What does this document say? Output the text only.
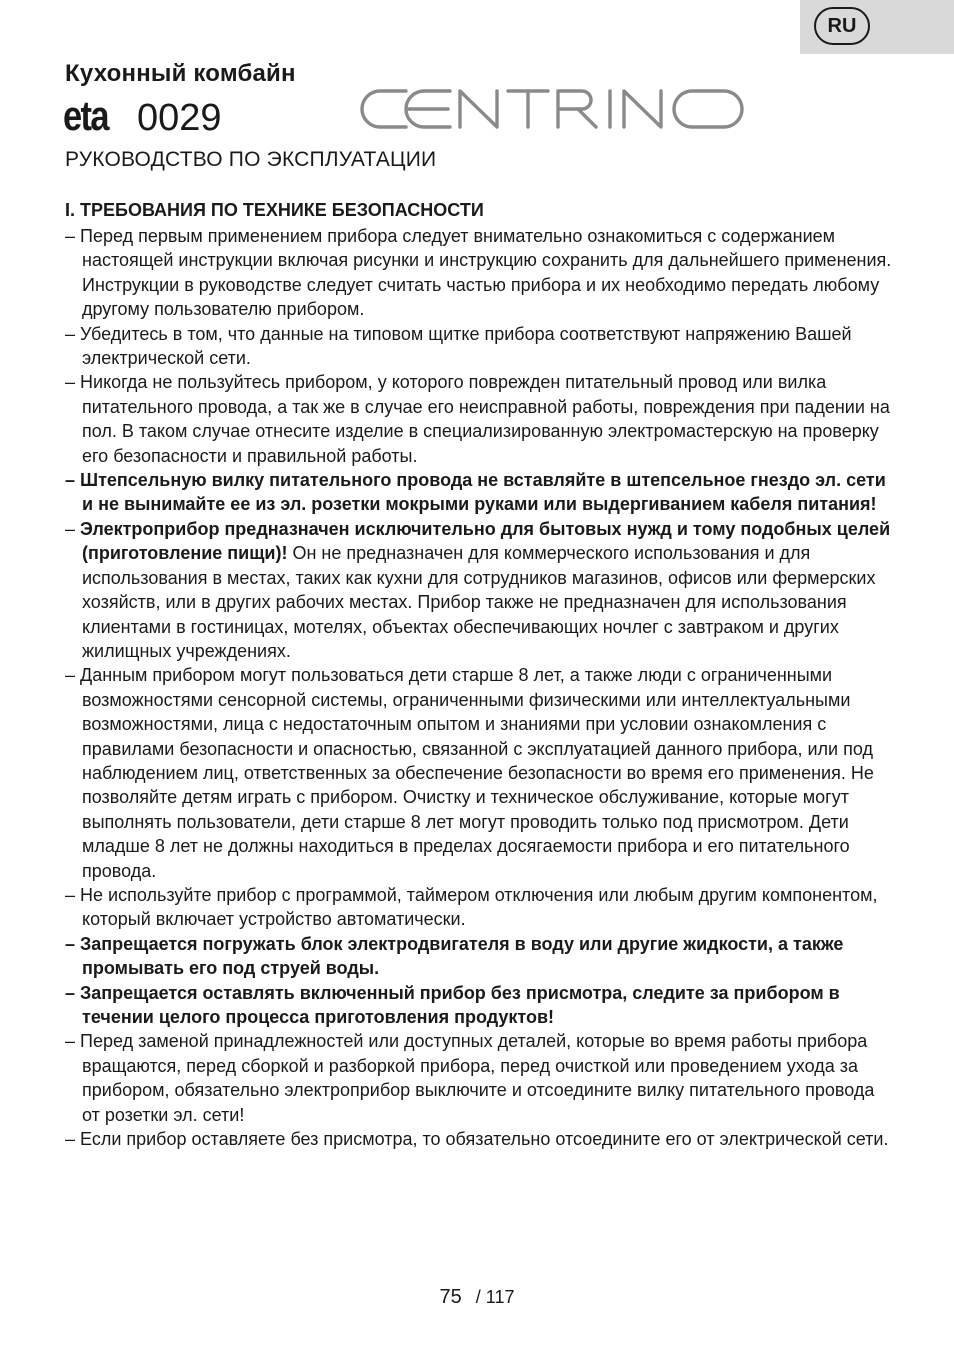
RU
Кухонный комбайн
eta 0029
РУКОВОДСТВО ПО ЭКСПЛУАТАЦИИ
I. ТРЕБОВАНИЯ ПО ТЕХНИКЕ БЕЗОПАСНОСТИ
– Перед первым применением прибора следует внимательно ознакомиться с содержанием настоящей инструкции включая рисунки и инструкцию сохранить для дальнейшего применения. Инструкции в руководстве следует считать частью прибора и их необходимо передать любому другому пользователю прибором.
– Убедитесь в том, что данные на типовом щитке прибора соответствуют напряжению Вашей электрической сети.
– Никогда не пользуйтесь прибором, у которого поврежден питательный провод или вилка питательного провода, а так же в случае его неисправной работы, повреждения при падении на пол. В таком случае отнесите изделие в специализированную электромастерскую на проверку его безопасности и правильной работы.
– Штепсельную вилку питательного провода не вставляйте в штепсельное гнездо эл. сети и не вынимайте ее из эл. розетки мокрыми руками или выдергиванием кабеля питания!
– Электроприбор предназначен исключительно для бытовых нужд и тому подобных целей (приготовление пищи)! Он не предназначен для коммерческого использования и для использования в местах, таких как кухни для сотрудников магазинов, офисов или фермерских хозяйств, или в других рабочих местах. Прибор также не предназначен для использования клиентами в гостиницах, мотелях, объектах обеспечивающих ночлег с завтраком и других жилищных учреждениях.
– Данным прибором могут пользоваться дети старше 8 лет, а также люди с ограниченными возможностями сенсорной системы, ограниченными физическими или интеллектуальными возможностями, лица с недостаточным опытом и знаниями при условии ознакомления с правилами безопасности и опасностью, связанной с эксплуатацией данного прибора, или под наблюдением лиц, ответственных за обеспечение безопасности во время его применения. Не позволяйте детям играть с прибором. Очистку и техническое обслуживание, которые могут выполнять пользователи, дети старше 8 лет могут проводить только под присмотром. Дети младше 8 лет не должны находиться в пределах досягаемости прибора и его питательного провода.
– Не используйте прибор с программой, таймером отключения или любым другим компонентом, который включает устройство автоматически.
– Запрещается погружать блок электродвигателя в воду или другие жидкости, а также промывать его под струей воды.
– Запрещается оставлять включенный прибор без присмотра, следите за прибором в течении целого процесса приготовления продуктов!
– Перед заменой принадлежностей или доступных деталей, которые во время работы прибора вращаются, перед сборкой и разборкой прибора, перед очисткой или проведением ухода за прибором, обязательно электроприбор выключите и отсоедините вилку питательного провода от розетки эл. сети!
– Если прибор оставляете без присмотра, то обязательно отсоедините его от электрической сети.
75 / 117
